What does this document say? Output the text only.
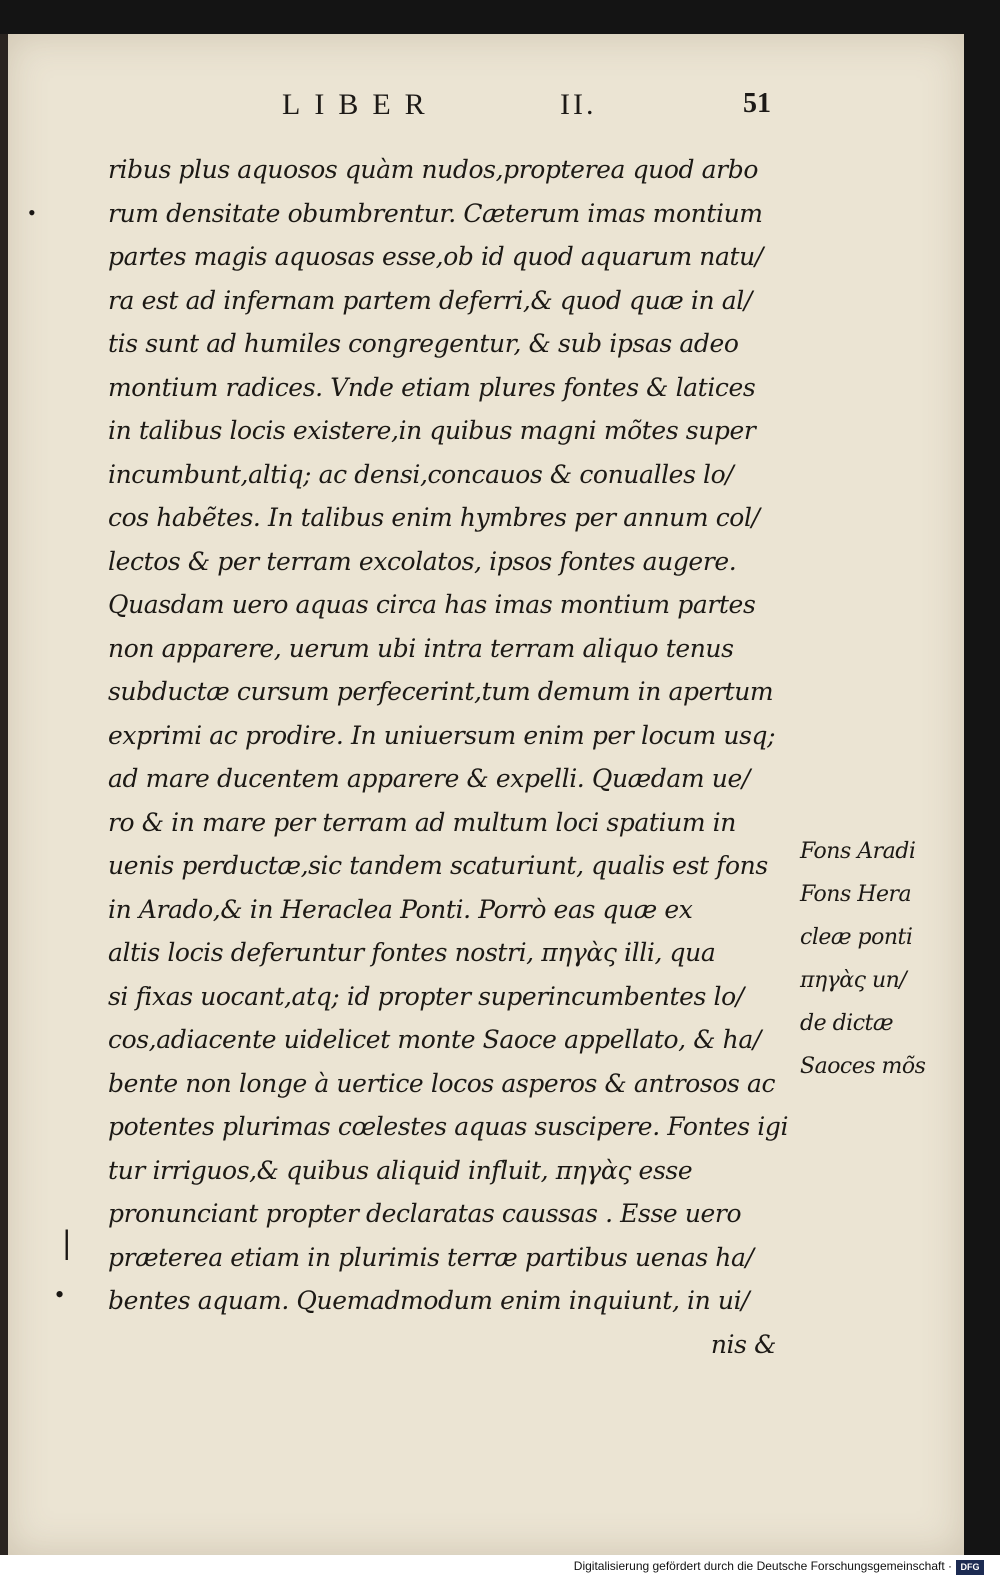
LIBER	II.	51
•
|
•
ribus plus aquosos quàm nudos,propterea quod arbo
rum densitate obumbrentur. Cæterum imas montium
partes magis aquosas esse,ob id quod aquarum natu/
ra est ad infernam partem deferri,& quod quæ in al/
tis sunt ad humiles congregentur, & sub ipsas adeo
montium radices. Vnde etiam plures fontes & latices
in talibus locis existere,in quibus magni mõtes super
incumbunt,altiq; ac densi,concauos & conualles lo/
cos habẽtes. In talibus enim hymbres per annum col/
lectos & per terram excolatos, ipsos fontes augere.
Quasdam uero aquas circa has imas montium partes
non apparere, uerum ubi intra terram aliquo tenus
subductæ cursum perfecerint,tum demum in apertum
exprimi ac prodire. In uniuersum enim per locum usq;
ad mare ducentem apparere & expelli. Quædam ue/
ro & in mare per terram ad multum loci spatium in
uenis perductæ,sic tandem scaturiunt, qualis est fons
in Arado,& in Heraclea Ponti. Porrò eas quæ ex
altis locis deferuntur fontes nostri, πηγὰς illi, qua
si fixas uocant,atq; id propter superincumbentes lo/
cos,adiacente uidelicet monte Saoce appellato, & ha/
bente non longe à uertice locos asperos & antrosos ac
potentes plurimas cœlestes aquas suscipere. Fontes igi
tur irriguos,& quibus aliquid influit, πηγὰς esse
pronunciant propter declaratas caussas . Esse uero
præterea etiam in plurimis terræ partibus uenas ha/
bentes aquam. Quemadmodum enim inquiunt, in ui/
nis &
Fons Aradi
Fons Hera
cleæ ponti
πηγὰς un/
de dictæ
Saoces mõs
Digitalisierung gefördert durch die Deutsche Forschungsgemeinschaft · DFG
